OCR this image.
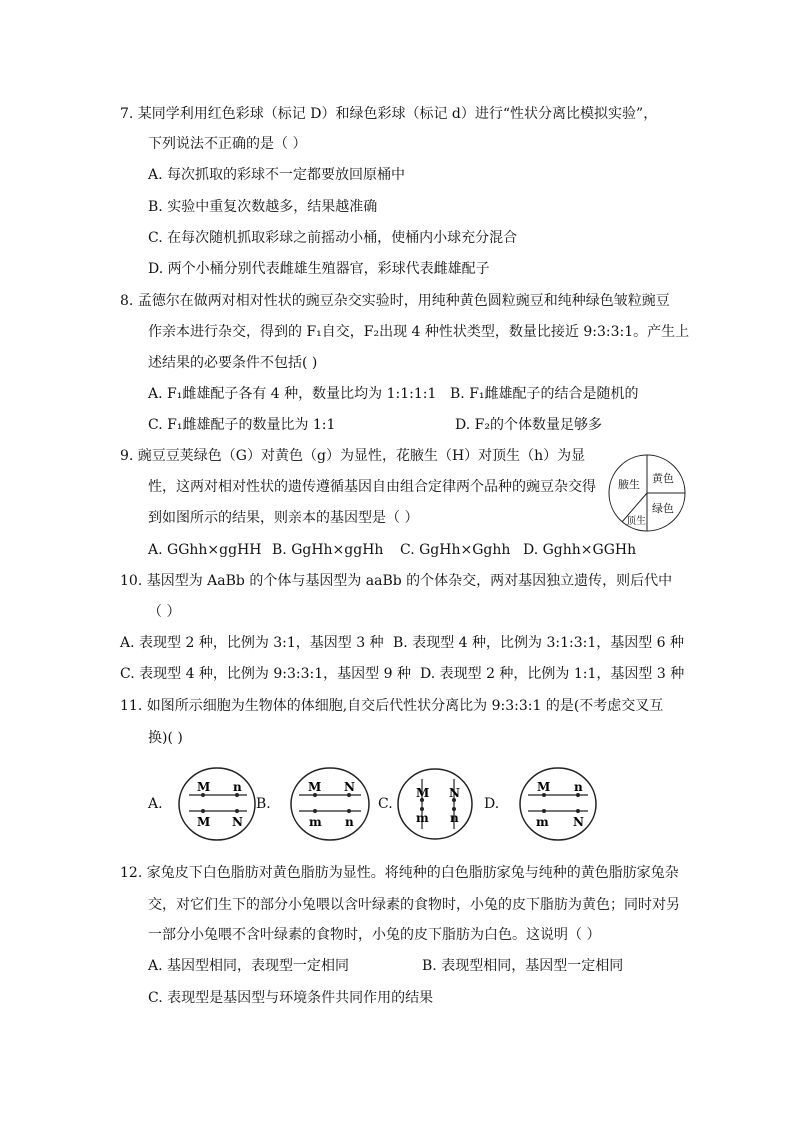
7. 某同学利用红色彩球（标记 D）和绿色彩球（标记 d）进行“性状分离比模拟实验”，
下列说法不正确的是（ ）
A. 每次抓取的彩球不一定都要放回原桶中
B. 实验中重复次数越多，结果越准确
C. 在每次随机抓取彩球之前摇动小桶，使桶内小球充分混合
D. 两个小桶分别代表雌雄生殖器官，彩球代表雌雄配子
8. 孟德尔在做两对相对性状的豌豆杂交实验时，用纯种黄色圆粒豌豆和纯种绿色皱粒豌豆
作亲本进行杂交，得到的 F₁自交，F₂出现 4 种性状类型，数量比接近 9:3:3:1。产生上
述结果的必要条件不包括( )
A. F₁雌雄配子各有 4 种，数量比均为 1:1:1:1 B. F₁雌雄配子的结合是随机的
C. F₁雌雄配子的数量比为 1:1	D. F₂的个体数量足够多
9. 豌豆豆荚绿色（G）对黄色（g）为显性，花腋生（H）对顶生（h）为显
性，这两对相对性状的遗传遵循基因自由组合定律两个品种的豌豆杂交得
到如图所示的结果，则亲本的基因型是（ ）
腋生 黄色
绿色
顶生
A. GGhh×ggHH B. GgHh×ggHh C. GgHh×Gghh D. Gghh×GGHh
10. 基因型为 AaBb 的个体与基因型为 aaBb 的个体杂交，两对基因独立遗传，则后代中
（ ）
A. 表现型 2 种，比例为 3:1，基因型 3 种 B. 表现型 4 种，比例为 3:1:3:1，基因型 6 种
C. 表现型 4 种，比例为 9:3:3:1，基因型 9 种 D. 表现型 2 种，比例为 1:1，基因型 3 种
11. 如图所示细胞为生物体的体细胞,自交后代性状分离比为 9:3:3:1 的是(不考虑交叉互
换)( )
A.	B.	C.	D.
M n
M N
M N
m n
M N
m n
M n
m N
12. 家兔皮下白色脂肪对黄色脂肪为显性。将纯种的白色脂肪家兔与纯种的黄色脂肪家兔杂
交，对它们生下的部分小兔喂以含叶绿素的食物时，小兔的皮下脂肪为黄色；同时对另
一部分小兔喂不含叶绿素的食物时，小兔的皮下脂肪为白色。这说明（ ）
A. 基因型相同，表现型一定相同	B. 表现型相同，基因型一定相同
C. 表现型是基因型与环境条件共同作用的结果
